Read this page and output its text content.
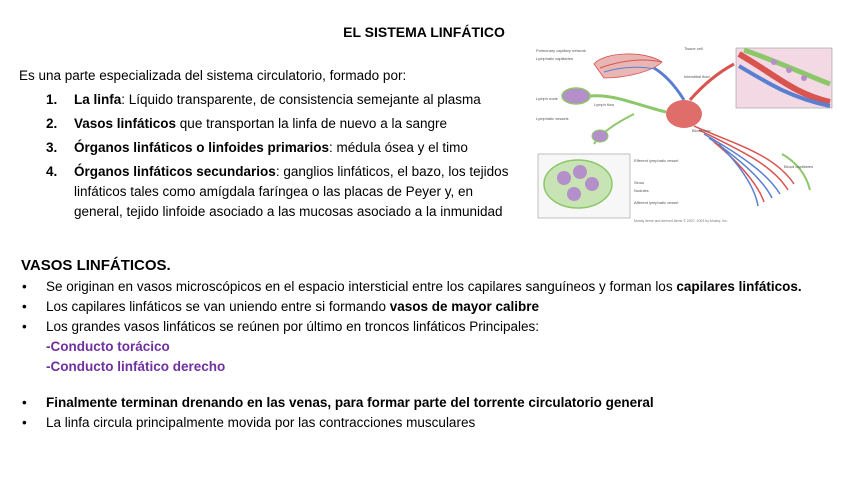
EL SISTEMA LINFÁTICO
Es una parte especializada del sistema circulatorio, formado por:
1. La linfa: Líquido transparente, de consistencia semejante al plasma
2. Vasos linfáticos que transportan la linfa de nuevo a la sangre
3. Órganos linfáticos o linfoides primarios: médula ósea y el timo
4. Órganos linfáticos secundarios: ganglios linfáticos, el bazo, los tejidos linfáticos tales como amígdala faríngea o las placas de Peyer y, en general, tejido linfoide asociado a las mucosas asociado a la inmunidad
VASOS LINFÁTICOS.
• Se originan en vasos microscópicos en el espacio intersticial entre los capilares sanguíneos y forman los capilares linfáticos.
• Los capilares linfáticos se van uniendo entre si formando vasos de mayor calibre
• Los grandes vasos linfáticos se reúnen por último en troncos linfáticos Principales:
-Conducto torácico
-Conducto linfático derecho
• Finalmente terminan drenando en las venas, para formar parte del torrente circulatorio general
• La linfa circula principalmente movida por las contracciones musculares
Pulmonary capillary network
Lymphatic capillaries
Lymph node
Lymph flow
Lymphatic vessels
Blood flow
Tissue cell
Interstitial fluid
Blood capillaries
Efferent lymphatic vessel
Sinus
Nodules
Afferent lymphatic vessel
Mosby items and derived items © 2007, 2003 by Mosby, Inc.
